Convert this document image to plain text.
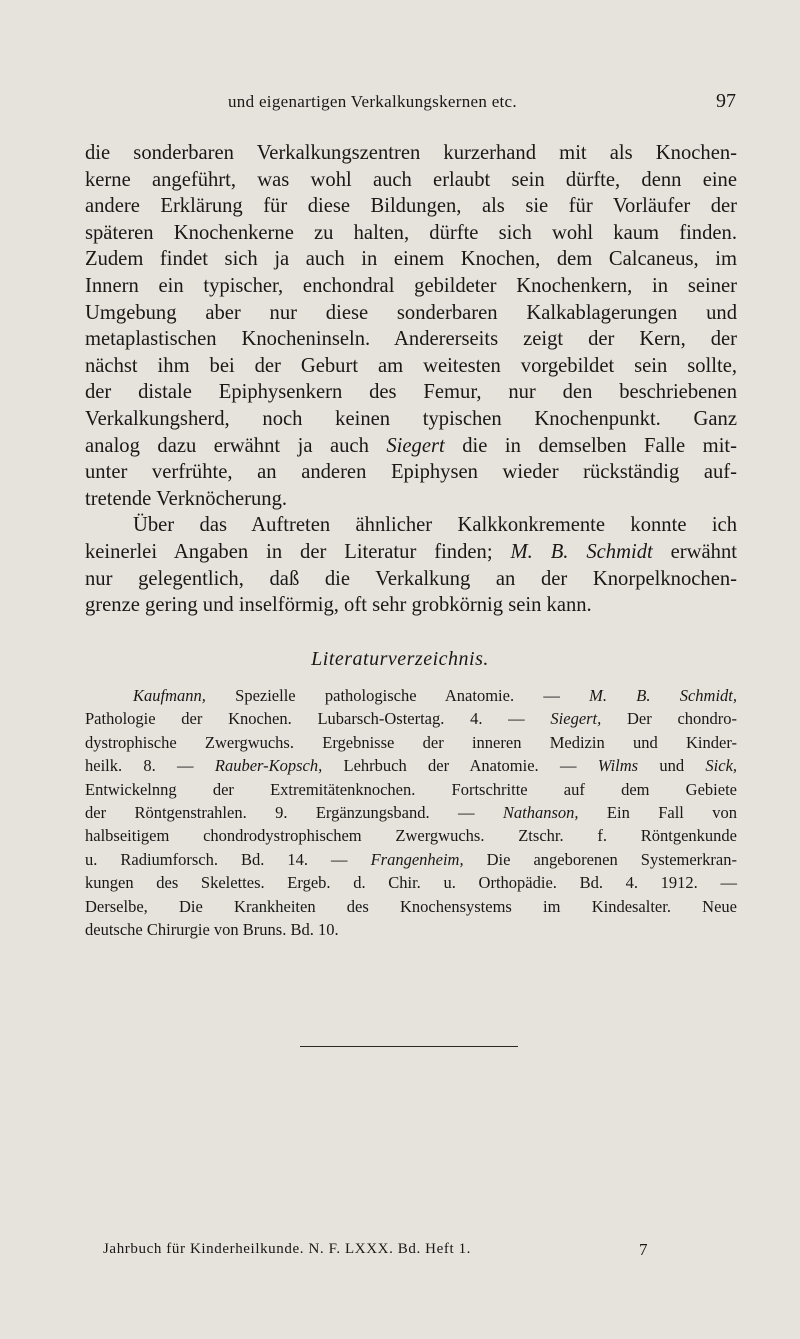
und eigenartigen Verkalkungskernen etc.	97

die sonderbaren Verkalkungszentren kurzerhand mit als Knochen-
kerne angeführt, was wohl auch erlaubt sein dürfte, denn eine
andere Erklärung für diese Bildungen, als sie für Vorläufer der
späteren Knochenkerne zu halten, dürfte sich wohl kaum finden.
Zudem findet sich ja auch in einem Knochen, dem Calcaneus, im
Innern ein typischer, enchondral gebildeter Knochenkern, in seiner
Umgebung aber nur diese sonderbaren Kalkablagerungen und
metaplastischen Knocheninseln. Andererseits zeigt der Kern, der
nächst ihm bei der Geburt am weitesten vorgebildet sein sollte,
der distale Epiphysenkern des Femur, nur den beschriebenen
Verkalkungsherd, noch keinen typischen Knochenpunkt. Ganz
analog dazu erwähnt ja auch Siegert die in demselben Falle mit-
unter verfrühte, an anderen Epiphysen wieder rückständig auf-
tretende Verknöcherung.

Über das Auftreten ähnlicher Kalkkonkremente konnte ich
keinerlei Angaben in der Literatur finden; M. B. Schmidt erwähnt
nur gelegentlich, daß die Verkalkung an der Knorpelknochen-
grenze gering und inselförmig, oft sehr grobkörnig sein kann.

Literaturverzeichnis.
Kaufmann, Spezielle pathologische Anatomie. — M. B. Schmidt,
Pathologie der Knochen. Lubarsch-Ostertag. 4. — Siegert, Der chondro-
dystrophische Zwergwuchs. Ergebnisse der inneren Medizin und Kinder-
heilk. 8. — Rauber-Kopsch, Lehrbuch der Anatomie. — Wilms und Sick,
Entwickelnng der Extremitätenknochen. Fortschritte auf dem Gebiete
der Röntgenstrahlen. 9. Ergänzungsband. — Nathanson, Ein Fall von
halbseitigem chondrodystrophischem Zwergwuchs. Ztschr. f. Röntgenkunde
u. Radiumforsch. Bd. 14. — Frangenheim, Die angeborenen Systemerkran-
kungen des Skelettes. Ergeb. d. Chir. u. Orthopädie. Bd. 4. 1912. —
Derselbe, Die Krankheiten des Knochensystems im Kindesalter. Neue
deutsche Chirurgie von Bruns. Bd. 10.
Jahrbuch für Kinderheilkunde. N. F. LXXX. Bd. Heft 1.	7
